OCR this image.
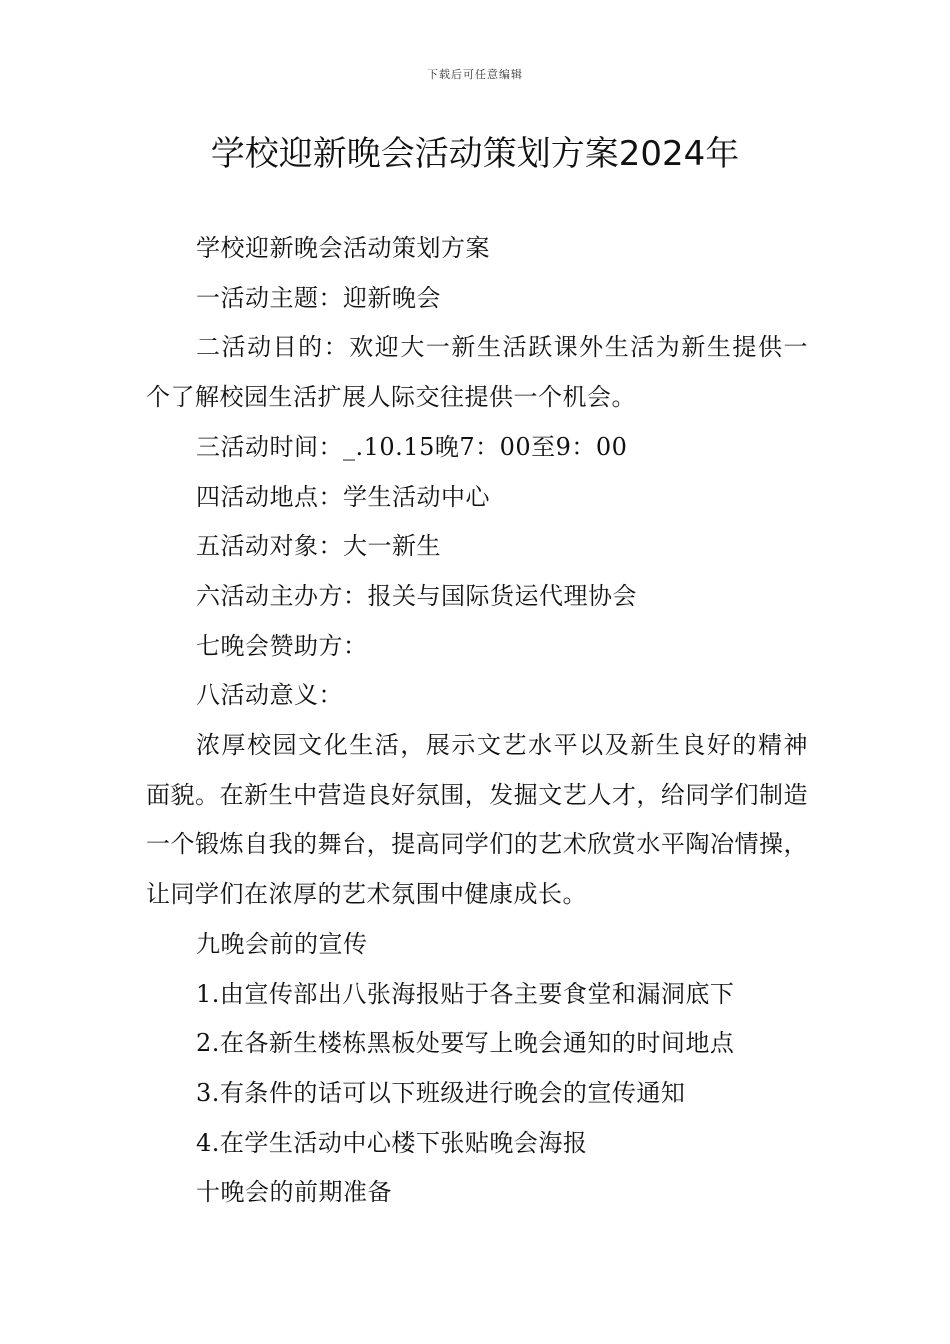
下载后可任意编辑
学校迎新晚会活动策划方案2024年

学校迎新晚会活动策划方案

一活动主题：迎新晚会

二活动目的：欢迎大一新生活跃课外生活为新生提供一个了解校园生活扩展人际交往提供一个机会。

三活动时间：_.10.15晚7：00至9：00

四活动地点：学生活动中心

五活动对象：大一新生

六活动主办方：报关与国际货运代理协会

七晚会赞助方：

八活动意义：

浓厚校园文化生活，展示文艺水平以及新生良好的精神面貌。在新生中营造良好氛围，发掘文艺人才，给同学们制造一个锻炼自我的舞台，提高同学们的艺术欣赏水平陶冶情操，让同学们在浓厚的艺术氛围中健康成长。

九晚会前的宣传

1.由宣传部出八张海报贴于各主要食堂和漏洞底下

2.在各新生楼栋黑板处要写上晚会通知的时间地点

3.有条件的话可以下班级进行晚会的宣传通知

4.在学生活动中心楼下张贴晚会海报

十晚会的前期准备
